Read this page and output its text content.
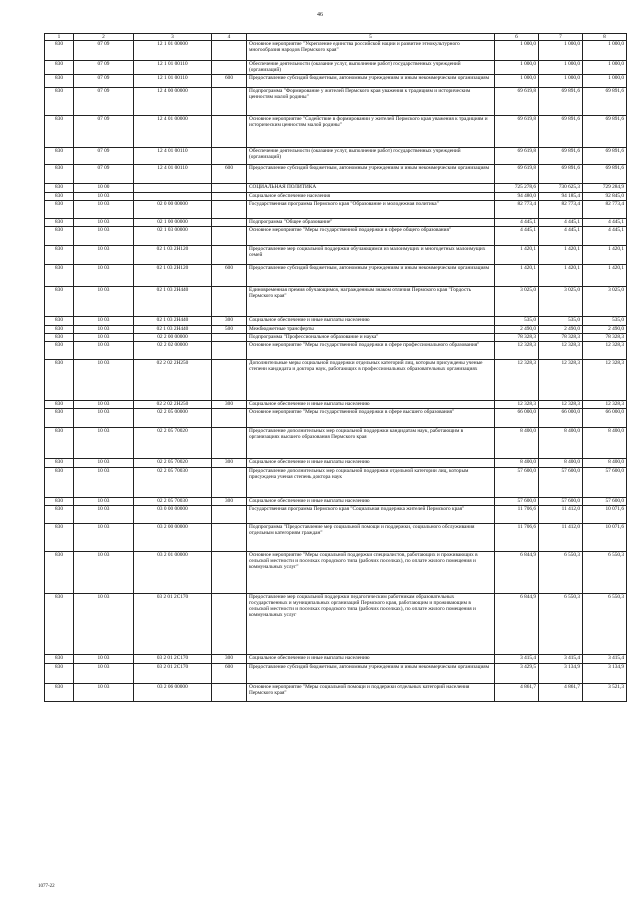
46
1	2	3	4	5	6	7	8
830	07 09	12 1 01 00000		Основное мероприятие "Укрепление единства российской нации и развитие этнокультурного многообразия народов Пермского края"	1 000,0	1 000,0	1 000,0
830	07 09	12 1 01 00110		Обеспечение деятельности (оказание услуг, выполнение работ) государственных учреждений (организаций)	1 000,0	1 000,0	1 000,0
830	07 09	12 1 01 00110	600	Предоставление субсидий бюджетным, автономным учреждениям и иным некоммерческим организациям	1 000,0	1 000,0	1 000,0
830	07 09	12 4 00 00000		Подпрограмма "Формирование у жителей Пермского края уважения к традициям и историческим ценностям малой родины"	69 619,8	69 891,6	69 891,6
830	07 09	12 4 01 00000		Основное мероприятие "Содействие в формировании у жителей Пермского края уважения к традициям и историческим ценностям малой родины"	69 619,8	69 891,6	69 891,6
830	07 09	12 4 01 00110		Обеспечение деятельности (оказание услуг, выполнение работ) государственных учреждений (организаций)	69 619,8	69 891,6	69 891,6
830	07 09	12 4 01 00110	600	Предоставление субсидий бюджетным, автономным учреждениям и иным некоммерческим организациям	69 619,8	69 891,6	69 891,6
830	10 00			СОЦИАЛЬНАЯ ПОЛИТИКА	725 278,6	730 625,3	729 284,9
830	10 03			Социальное обеспечение населения	94 480,0	94 185,4	92 845,0
830	10 03	02 0 00 00000		Государственная программа Пермского края "Образование и молодежная политика"	82 773,4	82 773,4	82 773,4
830	10 03	02 1 00 00000		Подпрограмма "Общее образование"	4 445,1	4 445,1	4 445,1
830	10 03	02 1 03 00000		Основное мероприятие "Меры государственной поддержки в сфере общего образования"	4 445,1	4 445,1	4 445,1
830	10 03	02 1 03 2Н120		Предоставление мер социальной поддержки обучающимся из малоимущих и многодетных малоимущих семей	1 420,1	1 420,1	1 420,1
830	10 03	02 1 03 2Н120	600	Предоставление субсидий бюджетным, автономным учреждениям и иным некоммерческим организациям	1 420,1	1 420,1	1 420,1
830	10 03	02 1 03 2Н440		Единовременная премия обучающимся, награжденным знаком отличия Пермского края "Гордость Пермского края"	3 025,0	3 025,0	3 025,0
830	10 03	02 1 03 2Н440	300	Социальное обеспечение и иные выплаты населению	535,0	535,0	535,0
830	10 03	02 1 03 2Н440	500	Межбюджетные трансферты	2 490,0	2 490,0	2 490,0
830	10 03	02 2 00 00000		Подпрограмма "Профессиональное образование и наука"	78 328,3	78 328,3	78 328,3
830	10 03	02 2 02 00000		Основное мероприятие "Меры государственной поддержки в сфере профессионального образования"	12 328,3	12 328,3	12 328,3
830	10 03	02 2 02 2Н250		Дополнительные меры социальной поддержки отдельных категорий лиц, которым присуждены ученые степени кандидата и доктора наук, работающих в профессиональных образовательных организациях	12 328,3	12 328,3	12 328,3
830	10 03	02 2 02 2Н250	300	Социальное обеспечение и иные выплаты населению	12 328,3	12 328,3	12 328,3
830	10 03	02 2 05 00000		Основное мероприятие "Меры государственной поддержки в сфере высшего образования"	66 000,0	66 000,0	66 000,0
830	10 03	02 2 05 70020		Предоставление дополнительных мер социальной поддержки кандидатам наук, работающим в организациях высшего образования Пермского края	8 400,0	8 400,0	8 400,0
830	10 03	02 2 05 70020	300	Социальное обеспечение и иные выплаты населению	8 400,0	8 400,0	8 400,0
830	10 03	02 2 05 70030		Предоставление дополнительных мер социальной поддержки отдельной категории лиц, которым присуждена ученая степень доктора наук	57 600,0	57 600,0	57 600,0
830	10 03	02 2 05 70030	300	Социальное обеспечение и иные выплаты населению	57 600,0	57 600,0	57 600,0
830	10 03	03 0 00 00000		Государственная программа Пермского края "Социальная поддержка жителей Пермского края"	11 706,6	11 412,0	10 071,6
830	10 03	03 2 00 00000		Подпрограмма "Предоставление мер социальной помощи и поддержки, социального обслуживания отдельным категориям граждан"	11 706,6	11 412,0	10 071,6
830	10 03	03 2 01 00000		Основное мероприятие "Меры социальной поддержки специалистов, работающих и проживающих в сельской местности и поселках городского типа (рабочих поселках), по оплате жилого помещения и коммунальных услуг"	6 844,9	6 550,3	6 550,3
830	10 03	03 2 01 2С170		Предоставление мер социальной поддержки педагогическим работникам образовательных государственных и муниципальных организаций Пермского края, работающим и проживающим в сельской местности и поселках городского типа (рабочих поселках), по оплате жилого помещения и коммунальных услуг	6 844,9	6 550,3	6 550,3
830	10 03	03 2 01 2С170	300	Социальное обеспечение и иные выплаты населению	3 415,4	3 415,4	3 415,4
830	10 03	03 2 01 2С170	600	Предоставление субсидий бюджетным, автономным учреждениям и иным некоммерческим организациям	3 429,5	3 134,9	3 134,9
830	10 03	03 2 06 00000		Основное мероприятие "Меры социальной помощи и поддержки отдельных категорий населения Пермского края"	4 861,7	4 861,7	3 521,3
1077-22
